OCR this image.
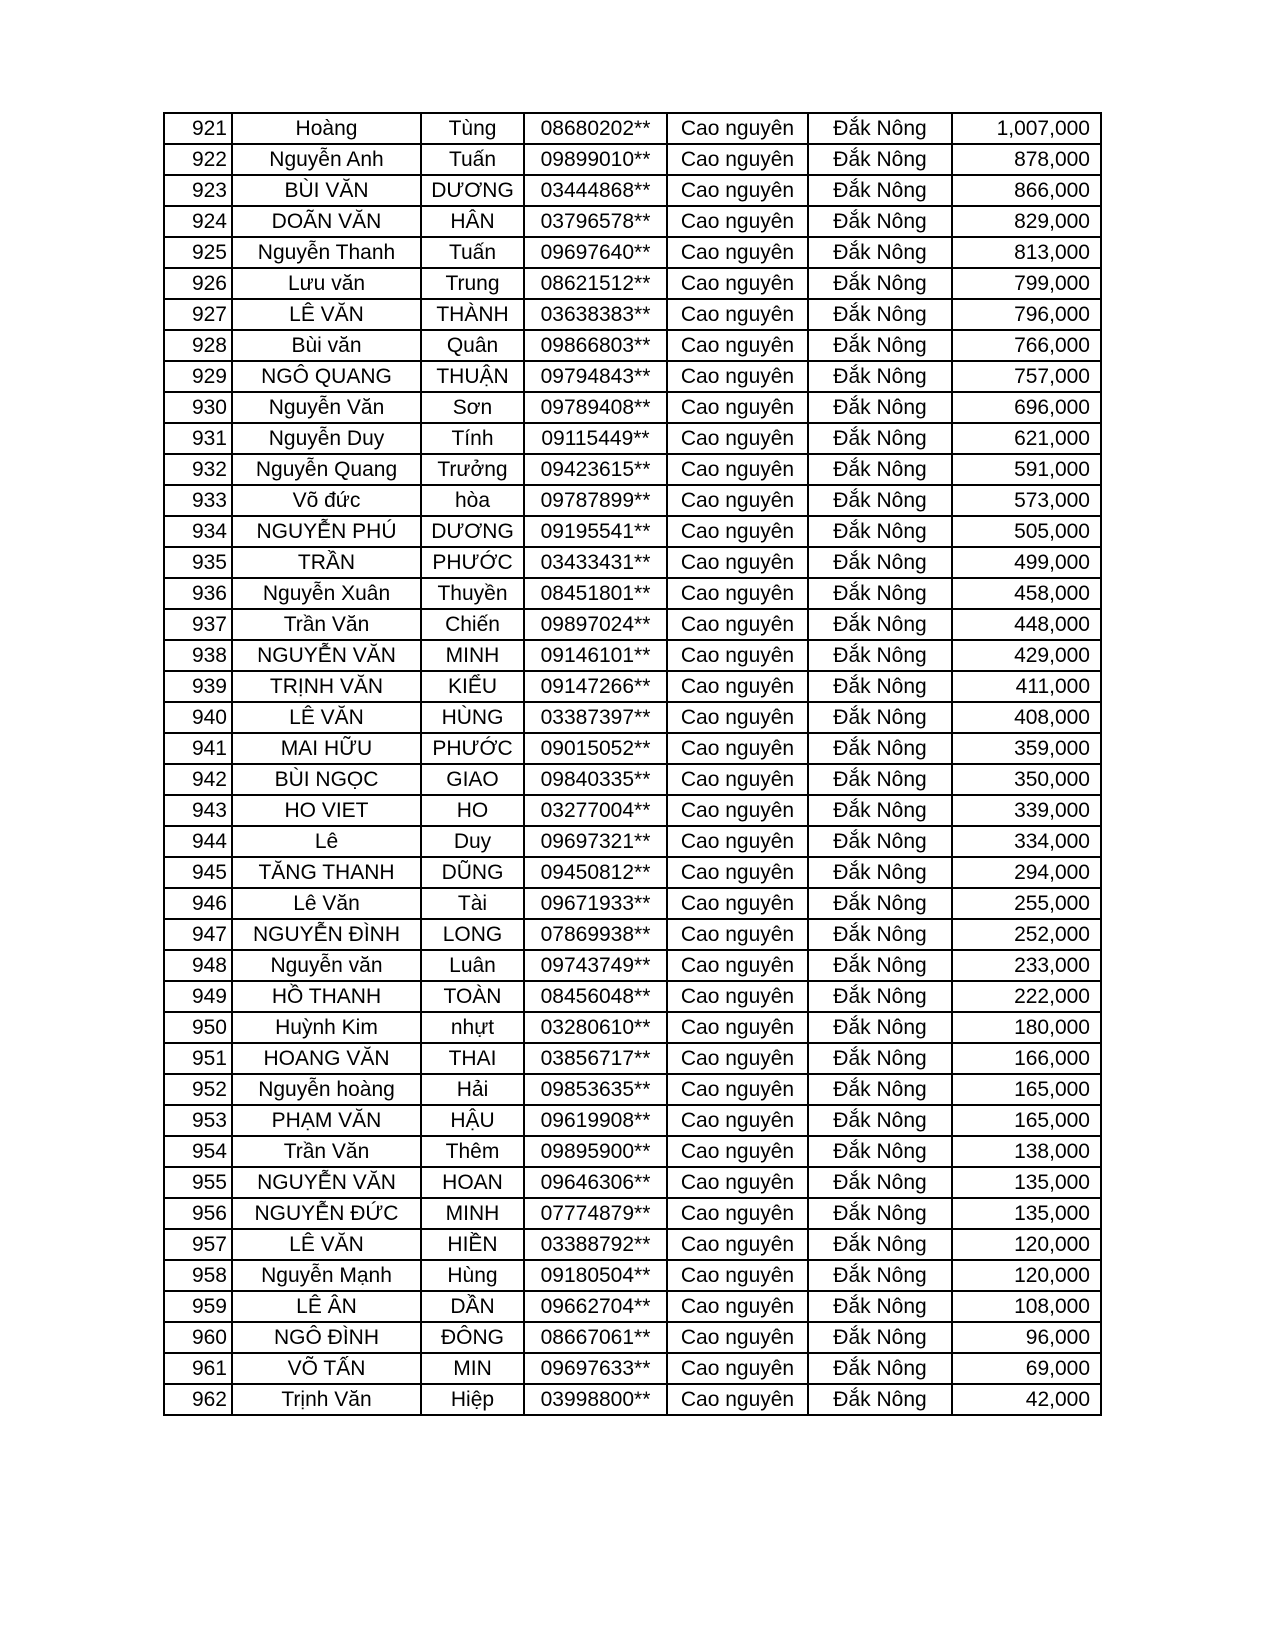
921	Hoàng	Tùng	08680202**	Cao nguyên	Đắk Nông	1,007,000
922	Nguyễn Anh	Tuấn	09899010**	Cao nguyên	Đắk Nông	878,000
923	BÙI VĂN	DƯƠNG	03444868**	Cao nguyên	Đắk Nông	866,000
924	DOÃN VĂN	HÂN	03796578**	Cao nguyên	Đắk Nông	829,000
925	Nguyễn Thanh	Tuấn	09697640**	Cao nguyên	Đắk Nông	813,000
926	Lưu văn	Trung	08621512**	Cao nguyên	Đắk Nông	799,000
927	LÊ VĂN	THÀNH	03638383**	Cao nguyên	Đắk Nông	796,000
928	Bùi văn	Quân	09866803**	Cao nguyên	Đắk Nông	766,000
929	NGÔ QUANG	THUẬN	09794843**	Cao nguyên	Đắk Nông	757,000
930	Nguyễn Văn	Sơn	09789408**	Cao nguyên	Đắk Nông	696,000
931	Nguyễn Duy	Tính	09115449**	Cao nguyên	Đắk Nông	621,000
932	Nguyễn Quang	Trưởng	09423615**	Cao nguyên	Đắk Nông	591,000
933	Võ đức	hòa	09787899**	Cao nguyên	Đắk Nông	573,000
934	NGUYỄN PHÚ	DƯƠNG	09195541**	Cao nguyên	Đắk Nông	505,000
935	TRẦN	PHƯỚC	03433431**	Cao nguyên	Đắk Nông	499,000
936	Nguyễn Xuân	Thuyền	08451801**	Cao nguyên	Đắk Nông	458,000
937	Trần Văn	Chiến	09897024**	Cao nguyên	Đắk Nông	448,000
938	NGUYỄN VĂN	MINH	09146101**	Cao nguyên	Đắk Nông	429,000
939	TRỊNH VĂN	KIỂU	09147266**	Cao nguyên	Đắk Nông	411,000
940	LÊ VĂN	HÙNG	03387397**	Cao nguyên	Đắk Nông	408,000
941	MAI HỮU	PHƯỚC	09015052**	Cao nguyên	Đắk Nông	359,000
942	BÙI NGỌC	GIAO	09840335**	Cao nguyên	Đắk Nông	350,000
943	HO VIET	HO	03277004**	Cao nguyên	Đắk Nông	339,000
944	Lê	Duy	09697321**	Cao nguyên	Đắk Nông	334,000
945	TĂNG THANH	DŨNG	09450812**	Cao nguyên	Đắk Nông	294,000
946	Lê Văn	Tài	09671933**	Cao nguyên	Đắk Nông	255,000
947	NGUYỄN ĐÌNH	LONG	07869938**	Cao nguyên	Đắk Nông	252,000
948	Nguyễn văn	Luân	09743749**	Cao nguyên	Đắk Nông	233,000
949	HỒ THANH	TOÀN	08456048**	Cao nguyên	Đắk Nông	222,000
950	Huỳnh Kim	nhựt	03280610**	Cao nguyên	Đắk Nông	180,000
951	HOANG VĂN	THAI	03856717**	Cao nguyên	Đắk Nông	166,000
952	Nguyễn hoàng	Hải	09853635**	Cao nguyên	Đắk Nông	165,000
953	PHẠM VĂN	HẬU	09619908**	Cao nguyên	Đắk Nông	165,000
954	Trần Văn	Thêm	09895900**	Cao nguyên	Đắk Nông	138,000
955	NGUYỄN VĂN	HOAN	09646306**	Cao nguyên	Đắk Nông	135,000
956	NGUYỄN ĐỨC	MINH	07774879**	Cao nguyên	Đắk Nông	135,000
957	LÊ VĂN	HIỀN	03388792**	Cao nguyên	Đắk Nông	120,000
958	Nguyễn Mạnh	Hùng	09180504**	Cao nguyên	Đắk Nông	120,000
959	LÊ ÂN	DẦN	09662704**	Cao nguyên	Đắk Nông	108,000
960	NGÔ ĐÌNH	ĐÔNG	08667061**	Cao nguyên	Đắk Nông	96,000
961	VÕ TẤN	MIN	09697633**	Cao nguyên	Đắk Nông	69,000
962	Trịnh Văn	Hiệp	03998800**	Cao nguyên	Đắk Nông	42,000
